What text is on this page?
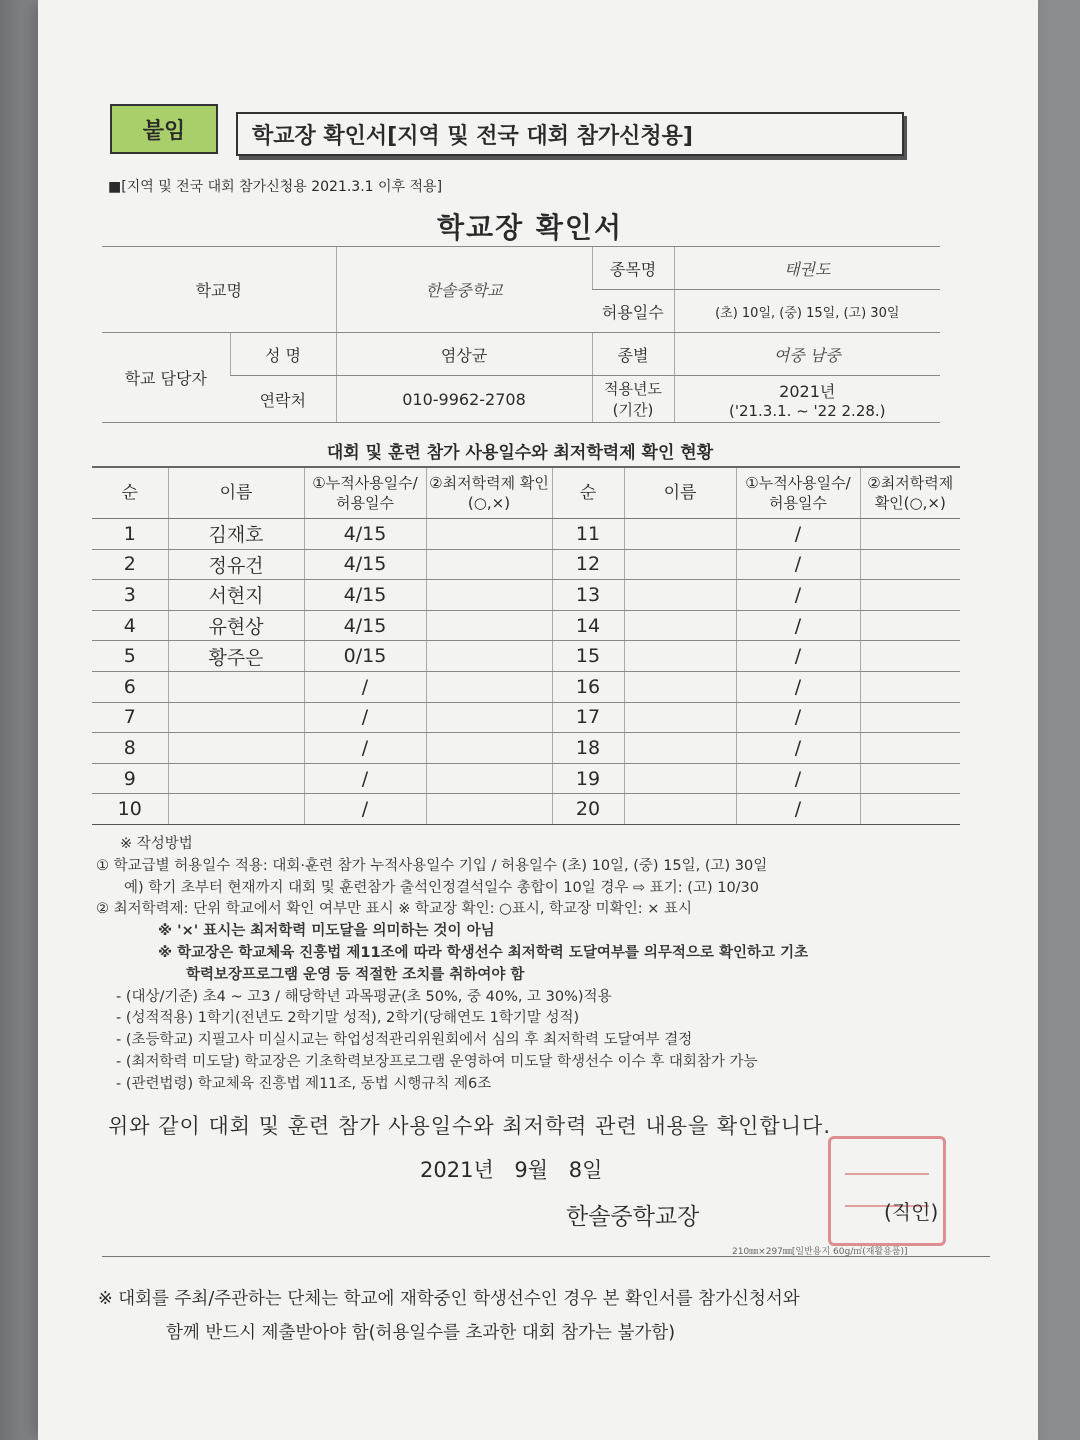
붙임	학교장 확인서[지역 및 전국 대회 참가신청용]
■[지역 및 전국 대회 참가신청용 2021.3.1 이후 적용]
학교장 확인서
학교명		한솔중학교	종목명	태권도
			허용일수	(초) 10일, (중) 15일, (고) 30일
학교 담당자	성 명	염상균	종별	여중 남중
	연락처	010-9962-2708	적용년도 (기간)	2021년
('21.3.1. ~ '22 2.28.)
대회 및 훈련 참가 사용일수와 최저학력제 확인 현황
순	이름	①누적사용일수/허용일수	②최저학력제 확인(○,×)	순	이름	①누적사용일수/허용일수	②최저학력제 확인(○,×)
1	김재호	4/15		11		/	
2	정유건	4/15		12		/	
3	서현지	4/15		13		/	
4	유현상	4/15		14		/	
5	황주은	0/15		15		/	
6		/		16		/	
7		/		17		/	
8		/		18		/	
9		/		19		/	
10		/		20		/	
※ 작성방법
① 학교급별 허용일수 적용: 대회·훈련 참가 누적사용일수 기입 / 허용일수 (초) 10일, (중) 15일, (고) 30일
예) 학기 초부터 현재까지 대회 및 훈련참가 출석인정결석일수 총합이 10일 경우 ⇨ 표기: (고) 10/30
② 최저학력제: 단위 학교에서 확인 여부만 표시 ※ 학교장 확인: ○표시, 학교장 미확인: × 표시
※ '×' 표시는 최저학력 미도달을 의미하는 것이 아님
※ 학교장은 학교체육 진흥법 제11조에 따라 학생선수 최저학력 도달여부를 의무적으로 확인하고 기초
학력보장프로그램 운영 등 적절한 조치를 취하여야 함
- (대상/기준) 초4 ~ 고3 / 해당학년 과목평균(초 50%, 중 40%, 고 30%)적용
- (성적적용) 1학기(전년도 2학기말 성적), 2학기(당해연도 1학기말 성적)
- (초등학교) 지필고사 미실시교는 학업성적관리위원회에서 심의 후 최저학력 도달여부 결정
- (최저학력 미도달) 학교장은 기초학력보장프로그램 운영하여 미도달 학생선수 이수 후 대회참가 가능
- (관련법령) 학교체육 진흥법 제11조, 동법 시행규칙 제6조
위와 같이 대회 및 훈련 참가 사용일수와 최저학력 관련 내용을 확인합니다.
2021년 9월 8일
한솔중학교장	(직인)
210㎜×297㎜[일반용지 60g/㎡(재활용품)]
※ 대회를 주최/주관하는 단체는 학교에 재학중인 학생선수인 경우 본 확인서를 참가신청서와
함께 반드시 제출받아야 함(허용일수를 초과한 대회 참가는 불가함)
